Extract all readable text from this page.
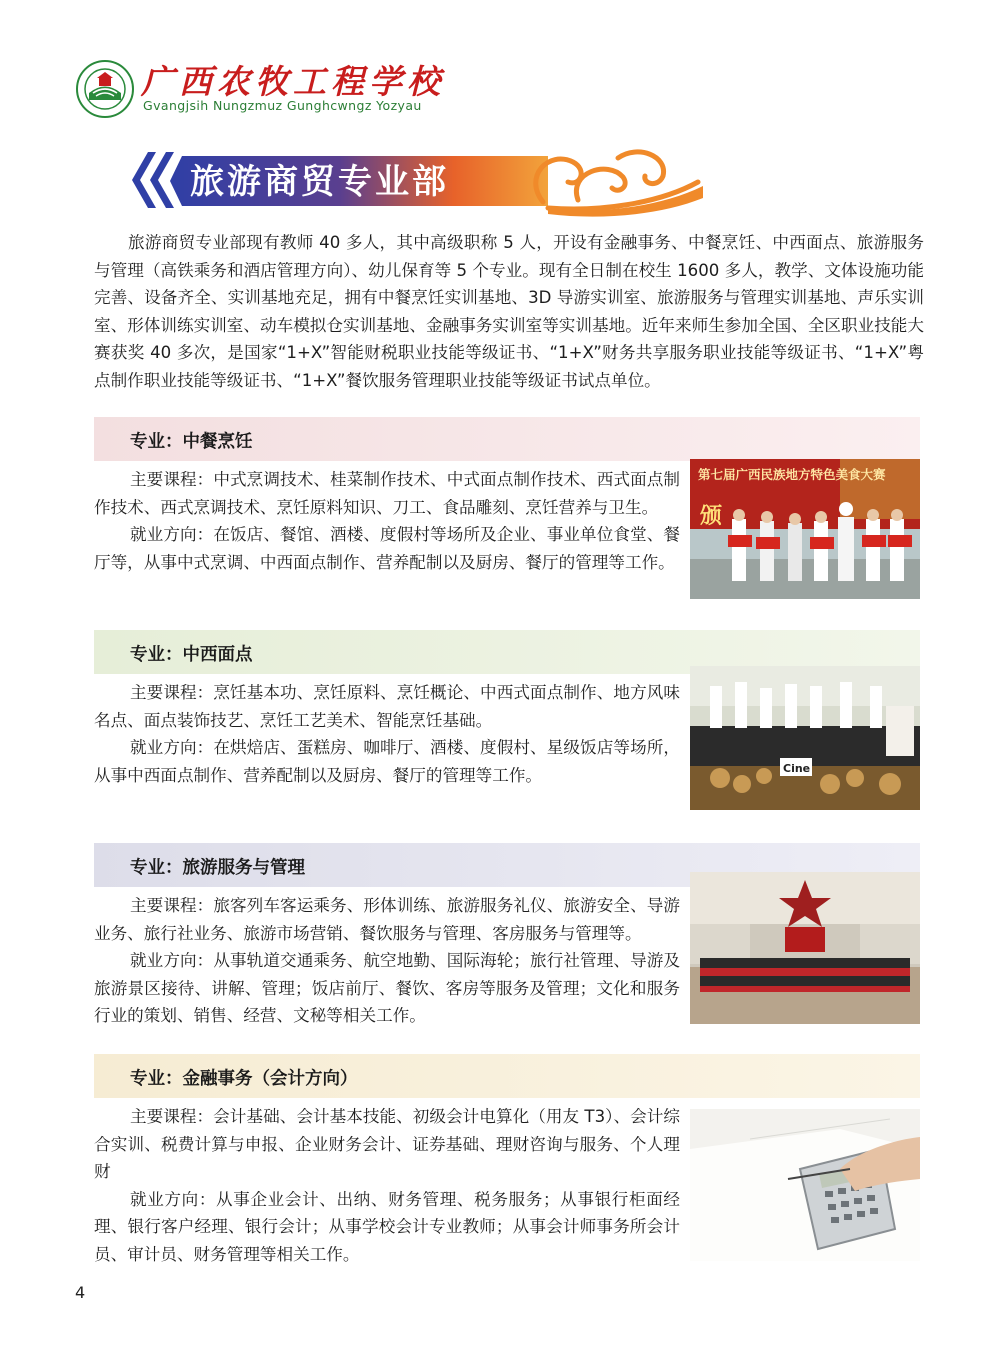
广西农牧工程学校
Gvangjsih Nungzmuz Gunghcwngz Yozyau
旅游商贸专业部

旅游商贸专业部现有教师 40 多人，其中高级职称 5 人，开设有金融事务、中餐烹饪、中西面点、旅游服务与管理（高铁乘务和酒店管理方向）、幼儿保育等 5 个专业。现有全日制在校生 1600 多人，教学、文体设施功能完善、设备齐全、实训基地充足，拥有中餐烹饪实训基地、3D 导游实训室、旅游服务与管理实训基地、声乐实训室、形体训练实训室、动车模拟仓实训基地、金融事务实训室等实训基地。近年来师生参加全国、全区职业技能大赛获奖 40 多次，是国家“1+X”智能财税职业技能等级证书、“1+X”财务共享服务职业技能等级证书、“1+X”粤点制作职业技能等级证书、“1+X”餐饮服务管理职业技能等级证书试点单位。

专业：中餐烹饪

主要课程：中式烹调技术、桂菜制作技术、中式面点制作技术、西式面点制作技术、西式烹调技术、烹饪原料知识、刀工、食品雕刻、烹饪营养与卫生。

就业方向：在饭店、餐馆、酒楼、度假村等场所及企业、事业单位食堂、餐厅等，从事中式烹调、中西面点制作、营养配制以及厨房、餐厅的管理等工作。

第七届广西民族地方特色美食大赛
颁
专业：中西面点

主要课程：烹饪基本功、烹饪原料、烹饪概论、中西式面点制作、地方风味名点、面点装饰技艺、烹饪工艺美术、智能烹饪基础。

就业方向：在烘焙店、蛋糕房、咖啡厅、酒楼、度假村、星级饭店等场所，从事中西面点制作、营养配制以及厨房、餐厅的管理等工作。	Cine
专业：旅游服务与管理

主要课程：旅客列车客运乘务、形体训练、旅游服务礼仪、旅游安全、导游业务、旅行社业务、旅游市场营销、餐饮服务与管理、客房服务与管理等。

就业方向：从事轨道交通乘务、航空地勤、国际海轮；旅行社管理、导游及旅游景区接待、讲解、管理；饭店前厅、餐饮、客房等服务及管理；文化和服务行业的策划、销售、经营、文秘等相关工作。

专业：金融事务（会计方向）

主要课程：会计基础、会计基本技能、初级会计电算化（用友 T3）、会计综合实训、税费计算与申报、企业财务会计、证券基础、理财咨询与服务、个人理财

就业方向：从事企业会计、出纳、财务管理、税务服务；从事银行柜面经理、银行客户经理、银行会计；从事学校会计专业教师；从事会计师事务所会计员、审计员、财务管理等相关工作。

4
